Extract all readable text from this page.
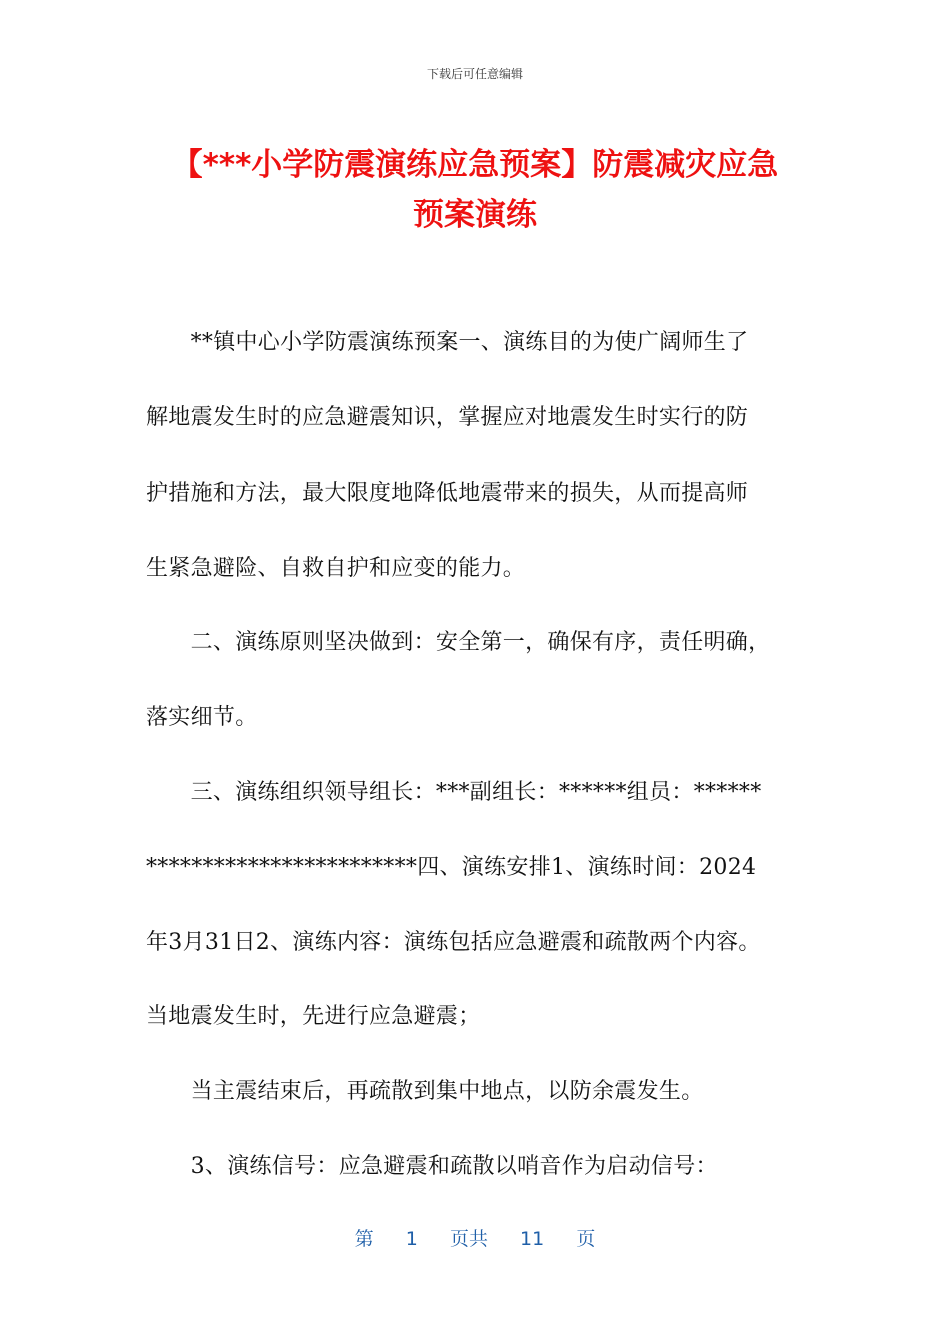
下载后可任意编辑
【***小学防震演练应急预案】防震减灾应急
预案演练
　　**镇中心小学防震演练预案一、演练目的为使广阔师生了
解地震发生时的应急避震知识，掌握应对地震发生时实行的防
护措施和方法，最大限度地降低地震带来的损失，从而提高师
生紧急避险、自救自护和应变的能力。
　　二、演练原则坚决做到：安全第一，确保有序，责任明确，
落实细节。
　　三、演练组织领导组长：***副组长：******组员：******
************************四、演练安排1、演练时间：2024
年3月31日2、演练内容：演练包括应急避震和疏散两个内容。
当地震发生时，先进行应急避震；
　　当主震结束后，再疏散到集中地点，以防余震发生。
　　3、演练信号：应急避震和疏散以哨音作为启动信号：
第 1 页共 11 页
